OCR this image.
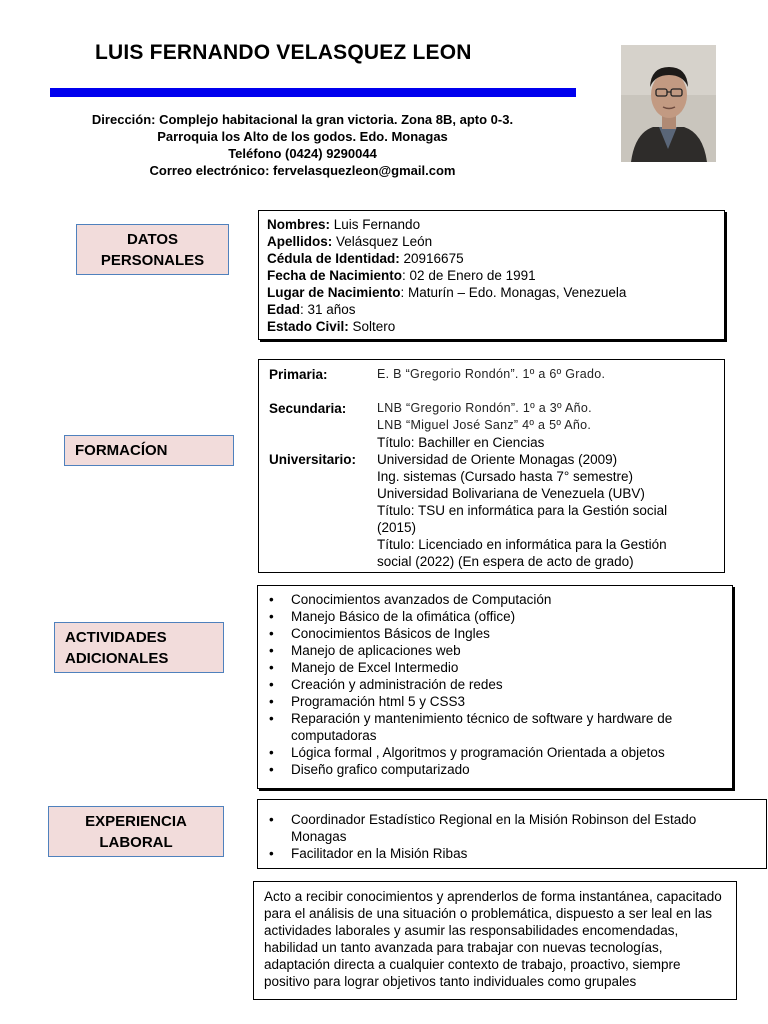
LUIS FERNANDO VELASQUEZ LEON
Dirección: Complejo habitacional la gran victoria. Zona 8B, apto 0-3.
Parroquia los Alto de los godos. Edo. Monagas
Teléfono (0424) 9290044
Correo electrónico: fervelasquezleon@gmail.com
DATOS
PERSONALES
FORMACÍON
ACTIVIDADES
ADICIONALES
EXPERIENCIA
LABORAL
Nombres: Luis Fernando
Apellidos: Velásquez León
Cédula de Identidad: 20916675
Fecha de Nacimiento: 02 de Enero de 1991
Lugar de Nacimiento: Maturín – Edo. Monagas, Venezuela
Edad: 31 años
Estado Civil: Soltero
Primaria:	E. B “Gregorio Rondón”. 1º a 6º Grado.
Secundaria: LNB “Gregorio Rondón”. 1º a 3º Año.
LNB “Miguel José Sanz” 4º a 5º Año.
Título: Bachiller en Ciencias
Universitario: Universidad de Oriente Monagas (2009)
Ing. sistemas (Cursado hasta 7° semestre)
Universidad Bolivariana de Venezuela (UBV)
Título: TSU en informática para la Gestión social
(2015)
Título: Licenciado en informática para la Gestión
social (2022) (En espera de acto de grado)
• Conocimientos avanzados de Computación
• Manejo Básico de la ofimática (office)
• Conocimientos Básicos de Ingles
• Manejo de aplicaciones web
• Manejo de Excel Intermedio
• Creación y administración de redes
• Programación html 5 y CSS3
• Reparación y mantenimiento técnico de software y hardware de computadoras
• Lógica formal , Algoritmos y programación Orientada a objetos
• Diseño grafico computarizado
• Coordinador Estadístico Regional en la Misión Robinson del Estado Monagas
• Facilitador en la Misión Ribas
Acto a recibir conocimientos y aprenderlos de forma instantánea, capacitado para el análisis de una situación o problemática, dispuesto a ser leal en las actividades laborales y asumir las responsabilidades encomendadas, habilidad un tanto avanzada para trabajar con nuevas tecnologías, adaptación directa a cualquier contexto de trabajo, proactivo, siempre positivo para lograr objetivos tanto individuales como grupales
